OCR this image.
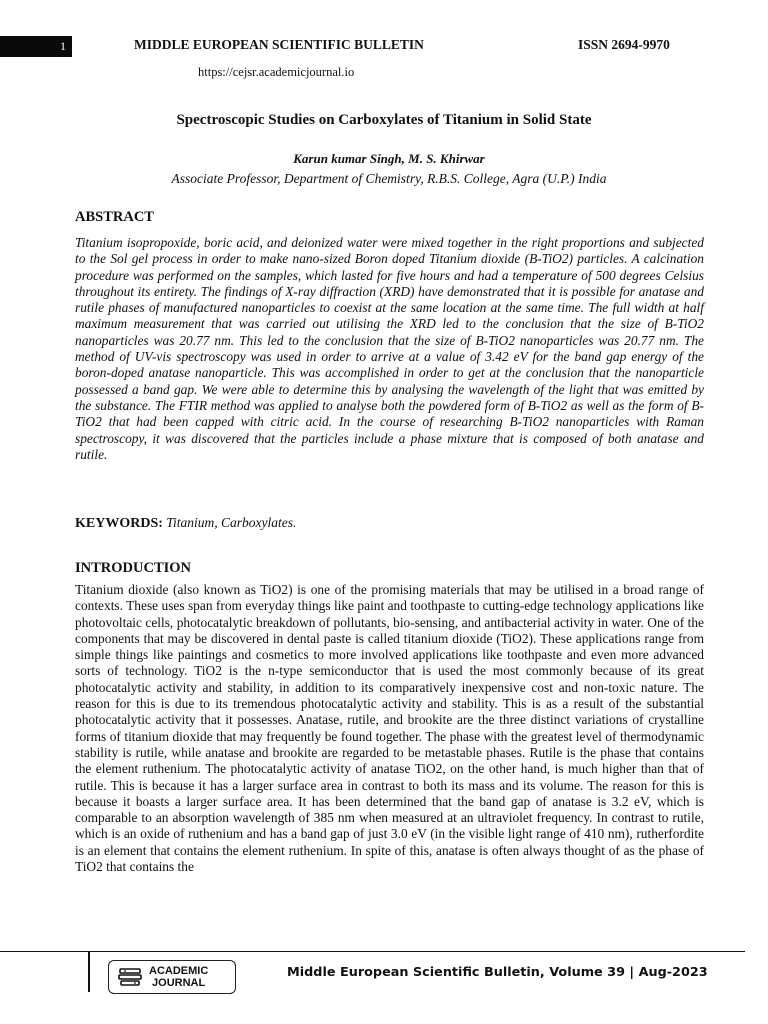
1	MIDDLE EUROPEAN SCIENTIFIC BULLETIN	ISSN 2694-9970
https://cejsr.academicjournal.io
Spectroscopic Studies on Carboxylates of Titanium in Solid State
Karun kumar Singh, M. S. Khirwar
Associate Professor, Department of Chemistry, R.B.S. College, Agra (U.P.) India
ABSTRACT
Titanium isopropoxide, boric acid, and deionized water were mixed together in the right proportions and subjected to the Sol gel process in order to make nano-sized Boron doped Titanium dioxide (B-TiO2) particles. A calcination procedure was performed on the samples, which lasted for five hours and had a temperature of 500 degrees Celsius throughout its entirety. The findings of X-ray diffraction (XRD) have demonstrated that it is possible for anatase and rutile phases of manufactured nanoparticles to coexist at the same location at the same time. The full width at half maximum measurement that was carried out utilising the XRD led to the conclusion that the size of B-TiO2 nanoparticles was 20.77 nm. This led to the conclusion that the size of B-TiO2 nanoparticles was 20.77 nm. The method of UV-vis spectroscopy was used in order to arrive at a value of 3.42 eV for the band gap energy of the boron-doped anatase nanoparticle. This was accomplished in order to get at the conclusion that the nanoparticle possessed a band gap. We were able to determine this by analysing the wavelength of the light that was emitted by the substance. The FTIR method was applied to analyse both the powdered form of B-TiO2 as well as the form of B-TiO2 that had been capped with citric acid. In the course of researching B-TiO2 nanoparticles with Raman spectroscopy, it was discovered that the particles include a phase mixture that is composed of both anatase and rutile.
KEYWORDS: Titanium, Carboxylates.
INTRODUCTION
Titanium dioxide (also known as TiO2) is one of the promising materials that may be utilised in a broad range of contexts. These uses span from everyday things like paint and toothpaste to cutting-edge technology applications like photovoltaic cells, photocatalytic breakdown of pollutants, bio-sensing, and antibacterial activity in water. One of the components that may be discovered in dental paste is called titanium dioxide (TiO2). These applications range from simple things like paintings and cosmetics to more involved applications like toothpaste and even more advanced sorts of technology. TiO2 is the n-type semiconductor that is used the most commonly because of its great photocatalytic activity and stability, in addition to its comparatively inexpensive cost and non-toxic nature. The reason for this is due to its tremendous photocatalytic activity and stability. This is as a result of the substantial photocatalytic activity that it possesses. Anatase, rutile, and brookite are the three distinct variations of crystalline forms of titanium dioxide that may frequently be found together. The phase with the greatest level of thermodynamic stability is rutile, while anatase and brookite are regarded to be metastable phases. Rutile is the phase that contains the element ruthenium. The photocatalytic activity of anatase TiO2, on the other hand, is much higher than that of rutile. This is because it has a larger surface area in contrast to both its mass and its volume. The reason for this is because it boasts a larger surface area. It has been determined that the band gap of anatase is 3.2 eV, which is comparable to an absorption wavelength of 385 nm when measured at an ultraviolet frequency. In contrast to rutile, which is an oxide of ruthenium and has a band gap of just 3.0 eV (in the visible light range of 410 nm), rutherfordite is an element that contains the element ruthenium. In spite of this, anatase is often always thought of as the phase of TiO2 that contains the
ACADEMIC
JOURNAL
Middle European Scientific Bulletin, Volume 39 | Aug-2023
